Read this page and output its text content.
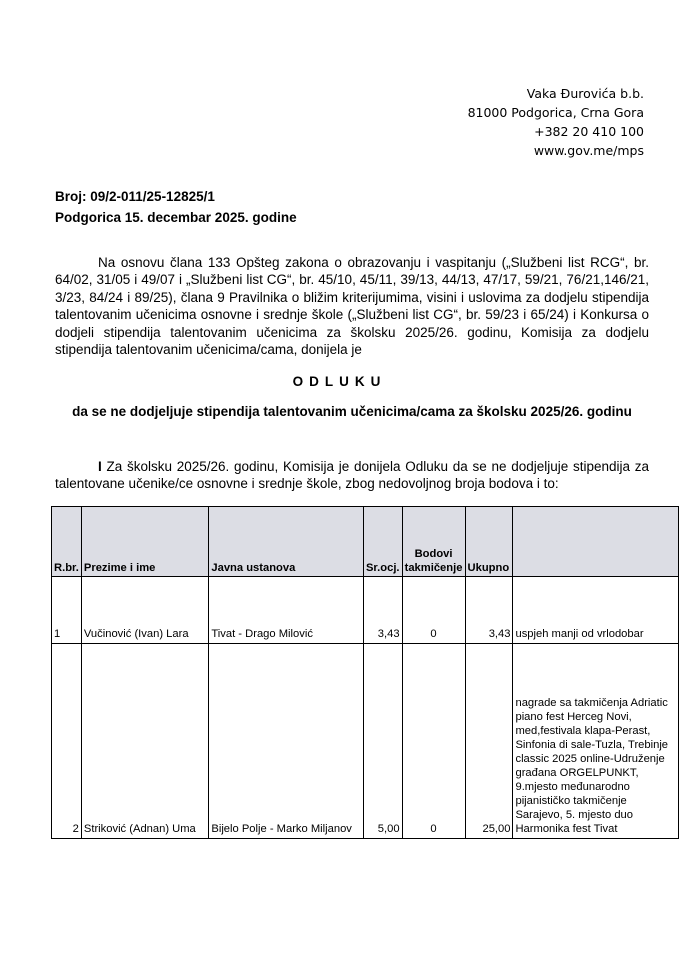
Vaka Đurovića b.b.
81000 Podgorica, Crna Gora
+382 20 410 100
www.gov.me/mps
Broj: 09/2-011/25-12825/1
Podgorica 15. decembar 2025. godine

Na osnovu člana 133 Opšteg zakona o obrazovanju i vaspitanju („Službeni list RCG“, br. 64/02, 31/05 i 49/07 i „Službeni list CG“, br. 45/10, 45/11, 39/13, 44/13, 47/17, 59/21, 76/21,146/21, 3/23, 84/24 i 89/25), člana 9 Pravilnika o bližim kriterijumima, visini i uslovima za dodjelu stipendija talentovanim učenicima osnovne i srednje škole („Službeni list CG“, br. 59/23 i 65/24) i Konkursa o dodjeli stipendija talentovanim učenicima za školsku 2025/26. godinu, Komisija za dodjelu stipendija talentovanim učenicima/cama, donijela je

ODLUKU
da se ne dodjeljuje stipendija talentovanim učenicima/cama za školsku 2025/26. godinu

I Za školsku 2025/26. godinu, Komisija je donijela Odluku da se ne dodjeljuje stipendija za talentovane učenike/ce osnovne i srednje škole, zbog nedovoljnog broja bodova i to:

R.br.	Prezime i ime	Javna ustanova	Sr.ocj.	Bodovi takmičenje	Ukupno	
1	Vučinović (Ivan) Lara	Tivat - Drago Milović	3,43	0	3,43	uspjeh manji od vrlodobar
2	Striković (Adnan) Uma	Bijelo Polje - Marko Miljanov	5,00	0	25,00	nagrade sa takmičenja Adriatic piano fest Herceg Novi, med,festivala klapa-Perast, Sinfonia di sale-Tuzla, Trebinje classic 2025 online-Udruženje građana ORGELPUNKT, 9.mjesto međunarodno pijanističko takmičenje Sarajevo, 5. mjesto duo Harmonika fest Tivat
